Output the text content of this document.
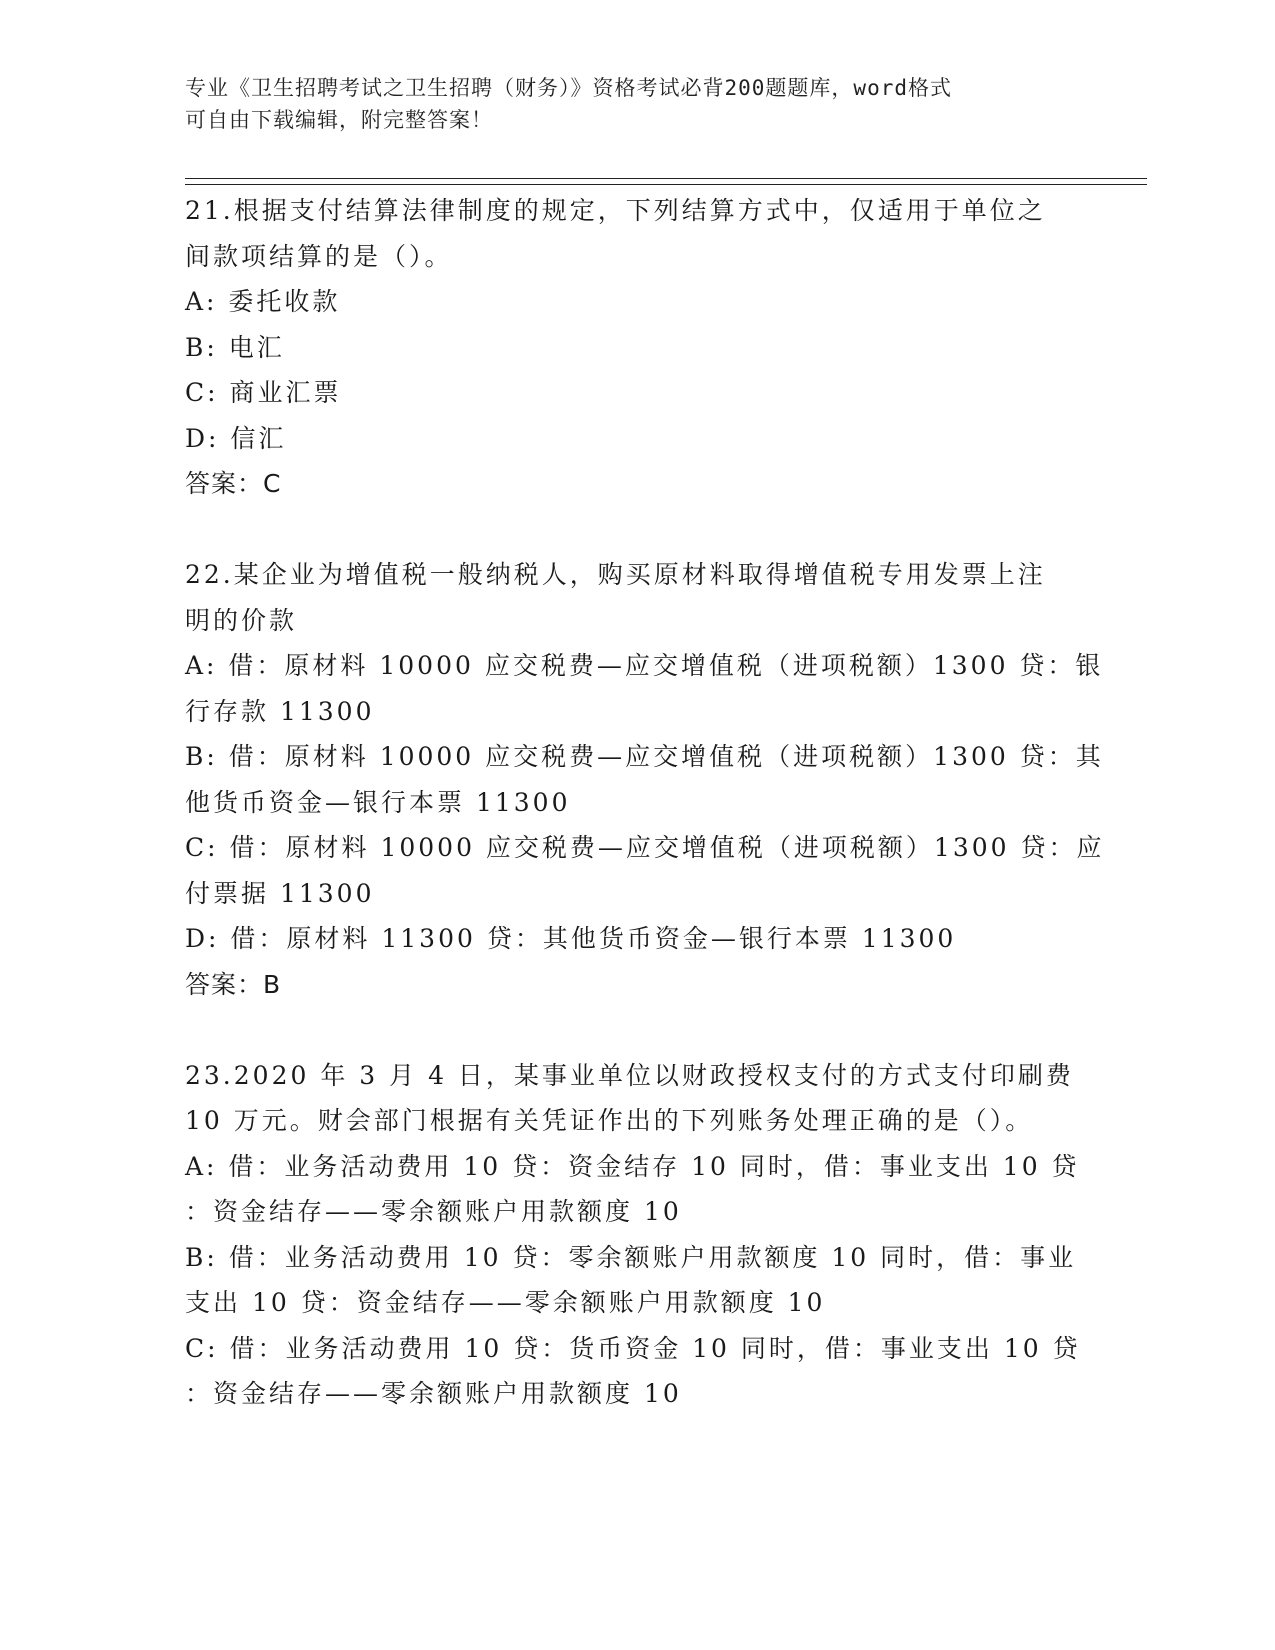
专业《卫生招聘考试之卫生招聘（财务）》资格考试必背200题题库，word格式
可自由下载编辑，附完整答案！
21.根据支付结算法律制度的规定，下列结算方式中，仅适用于单位之
间款项结算的是（）。
A: 委托收款
B: 电汇
C: 商业汇票
D: 信汇
答案：C
22.某企业为增值税一般纳税人，购买原材料取得增值税专用发票上注
明的价款
A: 借：原材料 10000 应交税费—应交增值税（进项税额）1300 贷：银
行存款 11300
B: 借：原材料 10000 应交税费—应交增值税（进项税额）1300 贷：其
他货币资金—银行本票 11300
C: 借：原材料 10000 应交税费—应交增值税（进项税额）1300 贷：应
付票据 11300
D: 借：原材料 11300 贷：其他货币资金—银行本票 11300
答案：B
23.2020 年 3 月 4 日，某事业单位以财政授权支付的方式支付印刷费
10 万元。财会部门根据有关凭证作出的下列账务处理正确的是（）。
A: 借：业务活动费用 10 贷：资金结存 10 同时，借：事业支出 10 贷
：资金结存——零余额账户用款额度 10
B: 借：业务活动费用 10 贷：零余额账户用款额度 10 同时，借：事业
支出 10 贷：资金结存——零余额账户用款额度 10
C: 借：业务活动费用 10 贷：货币资金 10 同时，借：事业支出 10 贷
：资金结存——零余额账户用款额度 10
